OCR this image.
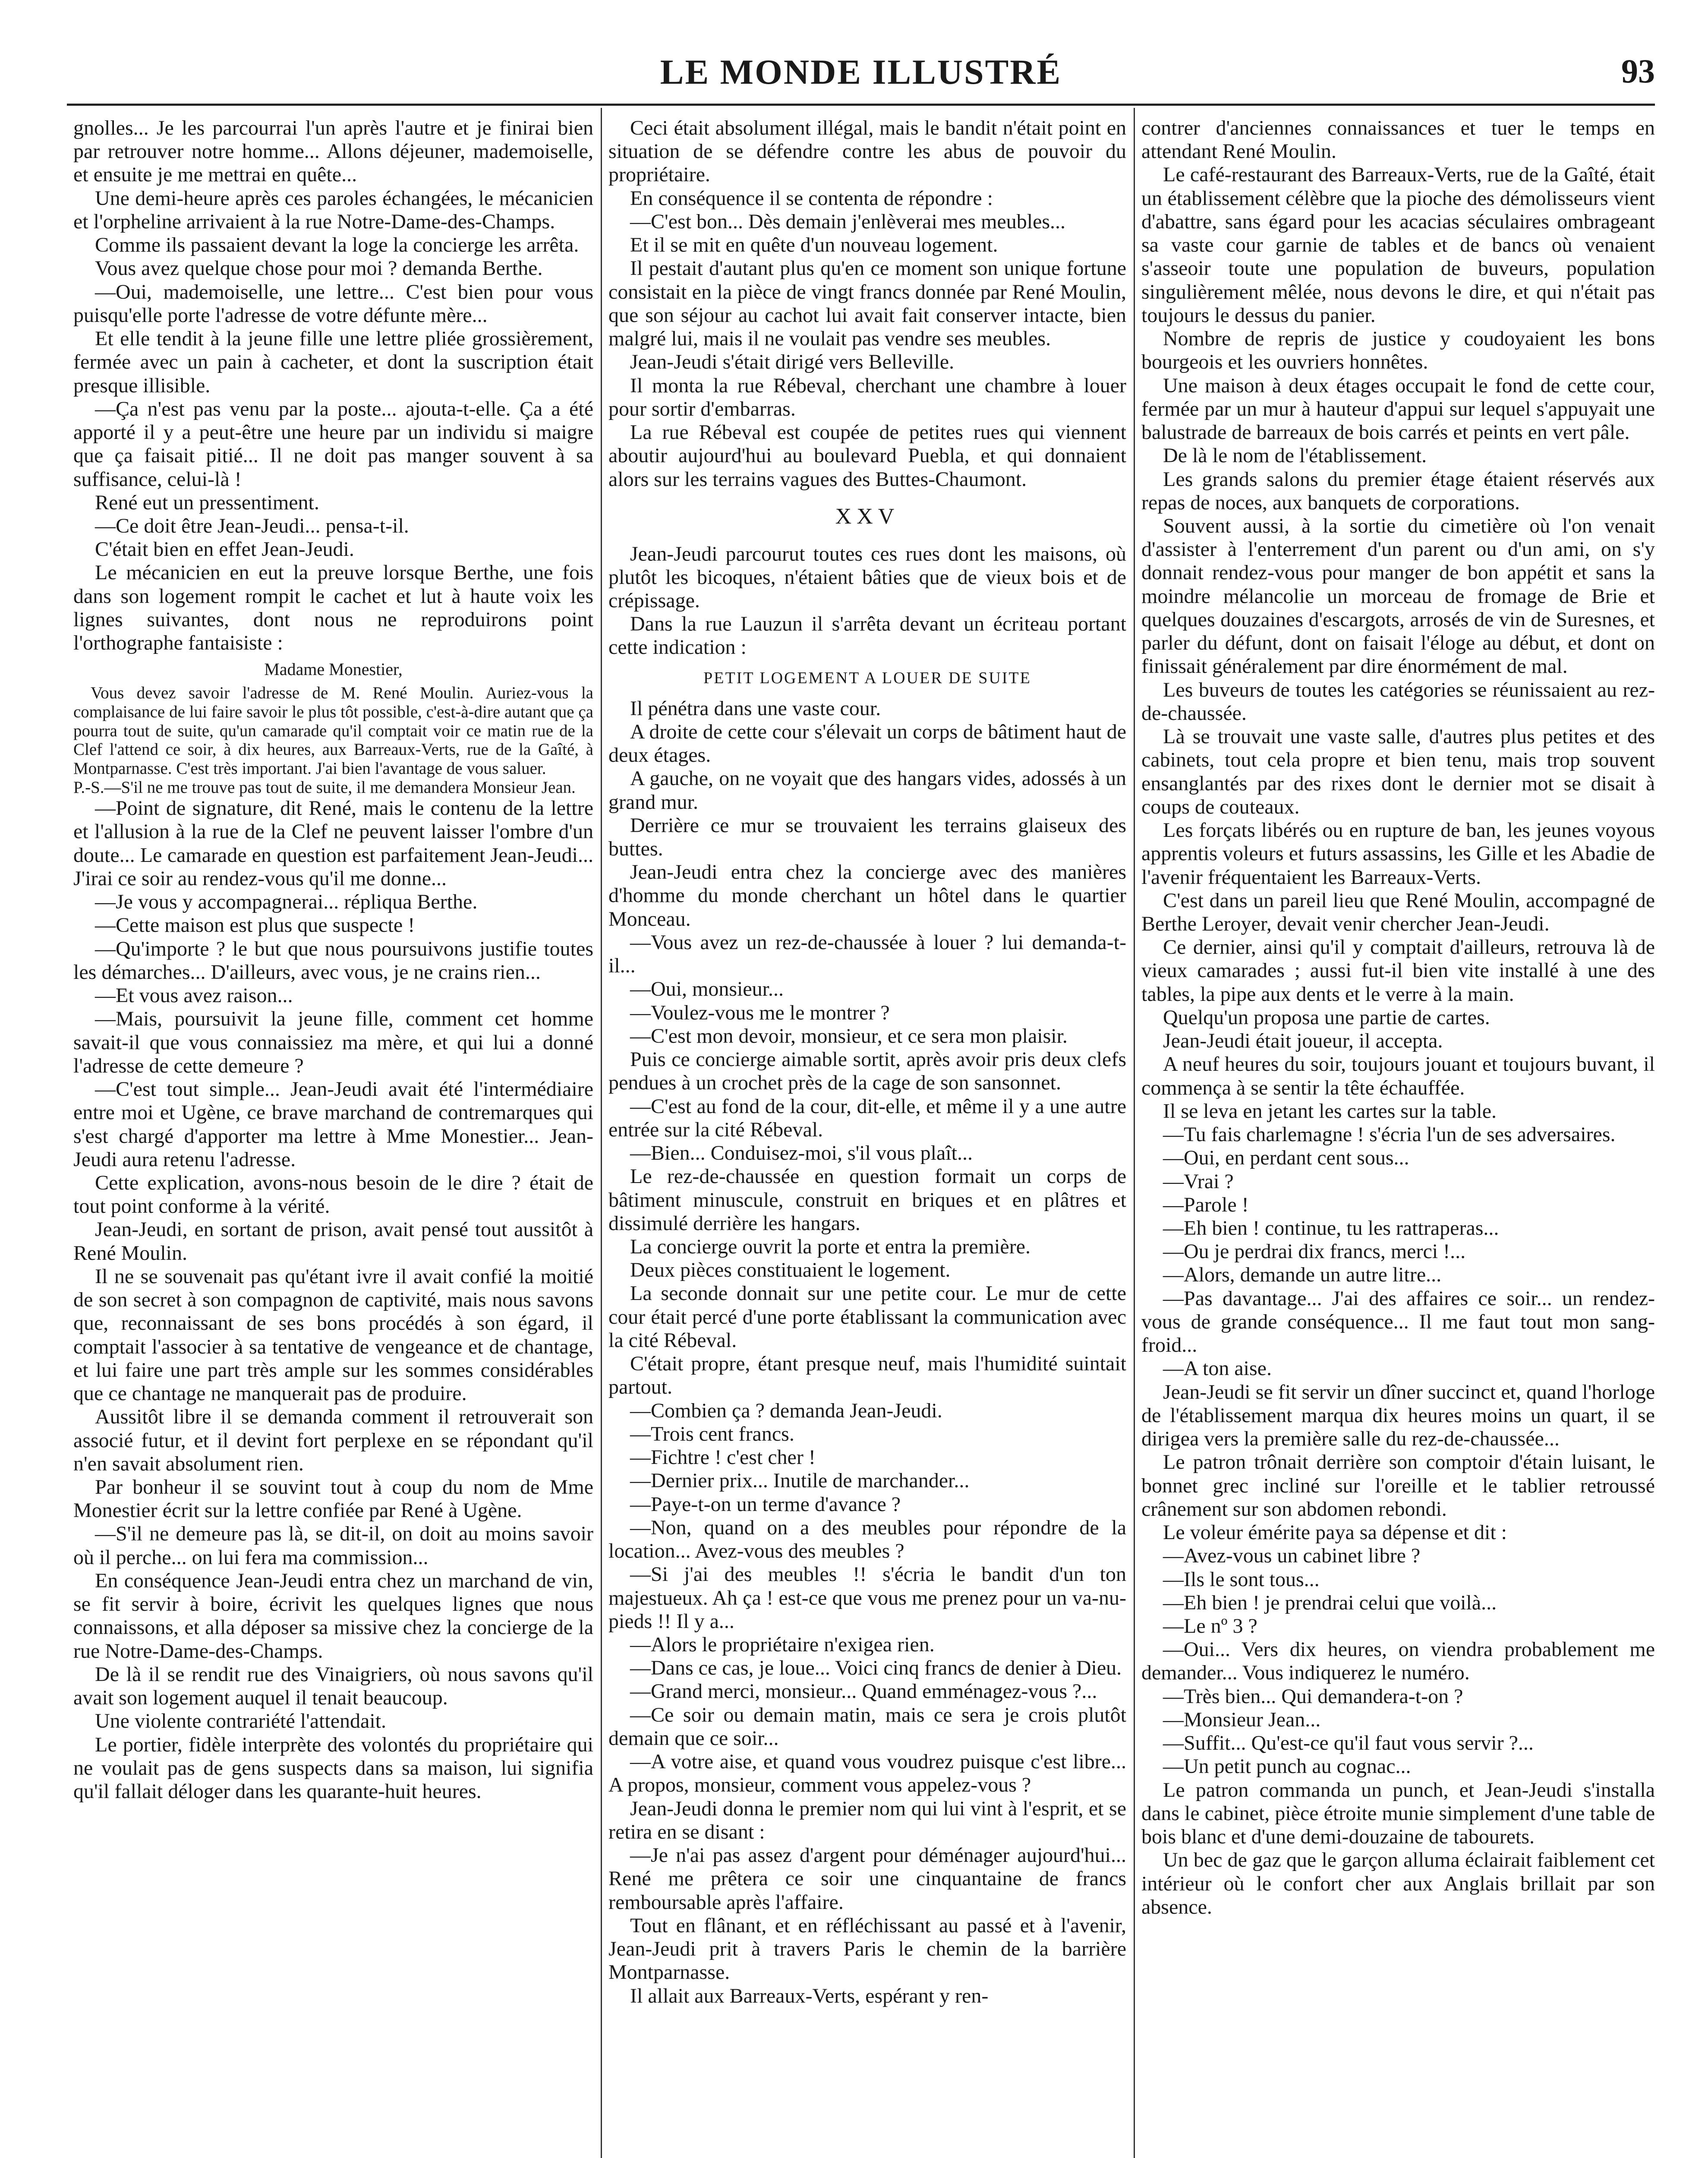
LE MONDE ILLUSTRÉ	93

gnolles... Je les parcourrai l'un après l'autre et je finirai bien par retrouver notre homme... Allons déjeuner, mademoiselle, et ensuite je me mettrai en quête...

Une demi-heure après ces paroles échangées, le mécanicien et l'orpheline arrivaient à la rue Notre-Dame-des-Champs.

Comme ils passaient devant la loge la concierge les arrêta.

Vous avez quelque chose pour moi ? demanda Berthe.

—Oui, mademoiselle, une lettre... C'est bien pour vous puisqu'elle porte l'adresse de votre défunte mère...

Et elle tendit à la jeune fille une lettre pliée grossièrement, fermée avec un pain à cacheter, et dont la suscription était presque illisible.

—Ça n'est pas venu par la poste... ajouta-t-elle. Ça a été apporté il y a peut-être une heure par un individu si maigre que ça faisait pitié... Il ne doit pas manger souvent à sa suffisance, celui-là !

René eut un pressentiment.

—Ce doit être Jean-Jeudi... pensa-t-il.

C'était bien en effet Jean-Jeudi.

Le mécanicien en eut la preuve lorsque Berthe, une fois dans son logement rompit le cachet et lut à haute voix les lignes suivantes, dont nous ne reproduirons point l'orthographe fantaisiste :

Madame Monestier,

Vous devez savoir l'adresse de M. René Moulin. Auriez-vous la complaisance de lui faire savoir le plus tôt possible, c'est-à-dire autant que ça pourra tout de suite, qu'un camarade qu'il comptait voir ce matin rue de la Clef l'attend ce soir, à dix heures, aux Barreaux-Verts, rue de la Gaîté, à Montparnasse. C'est très important. J'ai bien l'avantage de vous saluer.

P.-S.—S'il ne me trouve pas tout de suite, il me demandera Monsieur Jean.

—Point de signature, dit René, mais le contenu de la lettre et l'allusion à la rue de la Clef ne peuvent laisser l'ombre d'un doute... Le camarade en question est parfaitement Jean-Jeudi... J'irai ce soir au rendez-vous qu'il me donne...

—Je vous y accompagnerai... répliqua Berthe.

—Cette maison est plus que suspecte !

—Qu'importe ? le but que nous poursuivons justifie toutes les démarches... D'ailleurs, avec vous, je ne crains rien...

—Et vous avez raison...

—Mais, poursuivit la jeune fille, comment cet homme savait-il que vous connaissiez ma mère, et qui lui a donné l'adresse de cette demeure ?

—C'est tout simple... Jean-Jeudi avait été l'intermédiaire entre moi et Ugène, ce brave marchand de contremarques qui s'est chargé d'apporter ma lettre à Mme Monestier... Jean-Jeudi aura retenu l'adresse.

Cette explication, avons-nous besoin de le dire ? était de tout point conforme à la vérité.

Jean-Jeudi, en sortant de prison, avait pensé tout aussitôt à René Moulin.

Il ne se souvenait pas qu'étant ivre il avait confié la moitié de son secret à son compagnon de captivité, mais nous savons que, reconnaissant de ses bons procédés à son égard, il comptait l'associer à sa tentative de vengeance et de chantage, et lui faire une part très ample sur les sommes considérables que ce chantage ne manquerait pas de produire.

Aussitôt libre il se demanda comment il retrouverait son associé futur, et il devint fort perplexe en se répondant qu'il n'en savait absolument rien.

Par bonheur il se souvint tout à coup du nom de Mme Monestier écrit sur la lettre confiée par René à Ugène.

—S'il ne demeure pas là, se dit-il, on doit au moins savoir où il perche... on lui fera ma commission...

En conséquence Jean-Jeudi entra chez un marchand de vin, se fit servir à boire, écrivit les quelques lignes que nous connaissons, et alla déposer sa missive chez la concierge de la rue Notre-Dame-des-Champs.

De là il se rendit rue des Vinaigriers, où nous savons qu'il avait son logement auquel il tenait beaucoup.

Une violente contrariété l'attendait.

Le portier, fidèle interprète des volontés du propriétaire qui ne voulait pas de gens suspects dans sa maison, lui signifia qu'il fallait déloger dans les quarante-huit heures.

Ceci était absolument illégal, mais le bandit n'était point en situation de se défendre contre les abus de pouvoir du propriétaire.

En conséquence il se contenta de répondre :

—C'est bon... Dès demain j'enlèverai mes meubles...

Et il se mit en quête d'un nouveau logement.

Il pestait d'autant plus qu'en ce moment son unique fortune consistait en la pièce de vingt francs donnée par René Moulin, que son séjour au cachot lui avait fait conserver intacte, bien malgré lui, mais il ne voulait pas vendre ses meubles.

Jean-Jeudi s'était dirigé vers Belleville.

Il monta la rue Rébeval, cherchant une chambre à louer pour sortir d'embarras.

La rue Rébeval est coupée de petites rues qui viennent aboutir aujourd'hui au boulevard Puebla, et qui donnaient alors sur les terrains vagues des Buttes-Chaumont.

XXV

Jean-Jeudi parcourut toutes ces rues dont les maisons, où plutôt les bicoques, n'étaient bâties que de vieux bois et de crépissage.

Dans la rue Lauzun il s'arrêta devant un écriteau portant cette indication :

PETIT LOGEMENT A LOUER DE SUITE

Il pénétra dans une vaste cour.

A droite de cette cour s'élevait un corps de bâtiment haut de deux étages.

A gauche, on ne voyait que des hangars vides, adossés à un grand mur.

Derrière ce mur se trouvaient les terrains glaiseux des buttes.

Jean-Jeudi entra chez la concierge avec des manières d'homme du monde cherchant un hôtel dans le quartier Monceau.

—Vous avez un rez-de-chaussée à louer ? lui demanda-t-il...

—Oui, monsieur...

—Voulez-vous me le montrer ?

—C'est mon devoir, monsieur, et ce sera mon plaisir.

Puis ce concierge aimable sortit, après avoir pris deux clefs pendues à un crochet près de la cage de son sansonnet.

—C'est au fond de la cour, dit-elle, et même il y a une autre entrée sur la cité Rébeval.

—Bien... Conduisez-moi, s'il vous plaît...

Le rez-de-chaussée en question formait un corps de bâtiment minuscule, construit en briques et en plâtres et dissimulé derrière les hangars.

La concierge ouvrit la porte et entra la première.

Deux pièces constituaient le logement.

La seconde donnait sur une petite cour. Le mur de cette cour était percé d'une porte établissant la communication avec la cité Rébeval.

C'était propre, étant presque neuf, mais l'humidité suintait partout.

—Combien ça ? demanda Jean-Jeudi.

—Trois cent francs.

—Fichtre ! c'est cher !

—Dernier prix... Inutile de marchander...

—Paye-t-on un terme d'avance ?

—Non, quand on a des meubles pour répondre de la location... Avez-vous des meubles ?

—Si j'ai des meubles !! s'écria le bandit d'un ton majestueux. Ah ça ! est-ce que vous me prenez pour un va-nu-pieds !! Il y a...

—Alors le propriétaire n'exigea rien.

—Dans ce cas, je loue... Voici cinq francs de denier à Dieu.

—Grand merci, monsieur... Quand emménagez-vous ?...

—Ce soir ou demain matin, mais ce sera je crois plutôt demain que ce soir...

—A votre aise, et quand vous voudrez puisque c'est libre... A propos, monsieur, comment vous appelez-vous ?

Jean-Jeudi donna le premier nom qui lui vint à l'esprit, et se retira en se disant :

—Je n'ai pas assez d'argent pour déménager aujourd'hui... René me prêtera ce soir une cinquantaine de francs remboursable après l'affaire.

Tout en flânant, et en réfléchissant au passé et à l'avenir, Jean-Jeudi prit à travers Paris le chemin de la barrière Montparnasse.

Il allait aux Barreaux-Verts, espérant y ren-

contrer d'anciennes connaissances et tuer le temps en attendant René Moulin.

Le café-restaurant des Barreaux-Verts, rue de la Gaîté, était un établissement célèbre que la pioche des démolisseurs vient d'abattre, sans égard pour les acacias séculaires ombrageant sa vaste cour garnie de tables et de bancs où venaient s'asseoir toute une population de buveurs, population singulièrement mêlée, nous devons le dire, et qui n'était pas toujours le dessus du panier.

Nombre de repris de justice y coudoyaient les bons bourgeois et les ouvriers honnêtes.

Une maison à deux étages occupait le fond de cette cour, fermée par un mur à hauteur d'appui sur lequel s'appuyait une balustrade de barreaux de bois carrés et peints en vert pâle.

De là le nom de l'établissement.

Les grands salons du premier étage étaient réservés aux repas de noces, aux banquets de corporations.

Souvent aussi, à la sortie du cimetière où l'on venait d'assister à l'enterrement d'un parent ou d'un ami, on s'y donnait rendez-vous pour manger de bon appétit et sans la moindre mélancolie un morceau de fromage de Brie et quelques douzaines d'escargots, arrosés de vin de Suresnes, et parler du défunt, dont on faisait l'éloge au début, et dont on finissait généralement par dire énormément de mal.

Les buveurs de toutes les catégories se réunissaient au rez-de-chaussée.

Là se trouvait une vaste salle, d'autres plus petites et des cabinets, tout cela propre et bien tenu, mais trop souvent ensanglantés par des rixes dont le dernier mot se disait à coups de couteaux.

Les forçats libérés ou en rupture de ban, les jeunes voyous apprentis voleurs et futurs assassins, les Gille et les Abadie de l'avenir fréquentaient les Barreaux-Verts.

C'est dans un pareil lieu que René Moulin, accompagné de Berthe Leroyer, devait venir chercher Jean-Jeudi.

Ce dernier, ainsi qu'il y comptait d'ailleurs, retrouva là de vieux camarades ; aussi fut-il bien vite installé à une des tables, la pipe aux dents et le verre à la main.

Quelqu'un proposa une partie de cartes.

Jean-Jeudi était joueur, il accepta.

A neuf heures du soir, toujours jouant et toujours buvant, il commença à se sentir la tête échauffée.

Il se leva en jetant les cartes sur la table.

—Tu fais charlemagne ! s'écria l'un de ses adversaires.

—Oui, en perdant cent sous...

—Vrai ?

—Parole !

—Eh bien ! continue, tu les rattraperas...

—Ou je perdrai dix francs, merci !...

—Alors, demande un autre litre...

—Pas davantage... J'ai des affaires ce soir... un rendez-vous de grande conséquence... Il me faut tout mon sang-froid...

—A ton aise.

Jean-Jeudi se fit servir un dîner succinct et, quand l'horloge de l'établissement marqua dix heures moins un quart, il se dirigea vers la première salle du rez-de-chaussée...

Le patron trônait derrière son comptoir d'étain luisant, le bonnet grec incliné sur l'oreille et le tablier retroussé crânement sur son abdomen rebondi.

Le voleur émérite paya sa dépense et dit :

—Avez-vous un cabinet libre ?

—Ils le sont tous...

—Eh bien ! je prendrai celui que voilà...

—Le nº 3 ?

—Oui... Vers dix heures, on viendra probablement me demander... Vous indiquerez le numéro.

—Très bien... Qui demandera-t-on ?

—Monsieur Jean...

—Suffit... Qu'est-ce qu'il faut vous servir ?...

—Un petit punch au cognac...

Le patron commanda un punch, et Jean-Jeudi s'installa dans le cabinet, pièce étroite munie simplement d'une table de bois blanc et d'une demi-douzaine de tabourets.

Un bec de gaz que le garçon alluma éclairait faiblement cet intérieur où le confort cher aux Anglais brillait par son absence.
